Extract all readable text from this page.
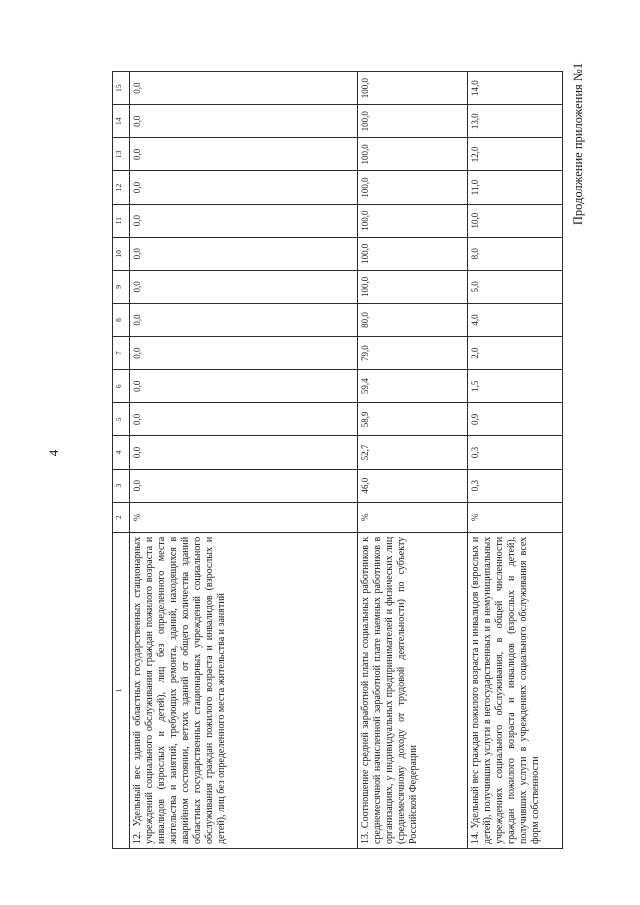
4
Продолжение приложения №1
1	2	3	4	5	6	7	8	9	10	11	12	13	14	15
12. Удельный вес зданий областных государственных стационарных учреждений социального обслуживания граждан пожилого возраста и инвалидов (взрослых и детей), лиц без определенного места жительства и занятий, требующих ремонта, зданий, находящихся в аварийном состоянии, ветхих зданий от общего количества зданий областных государственных стационарных учреждений социального обслуживания граждан пожилого возраста и инвалидов (взрослых и детей), лиц без определенного места жительства и занятий	%	0,0	0,0	0,0	0,0	0,0	0,0	0,0	0,0	0,0	0,0	0,0	0,0	0,0
13. Соотношение средней заработной платы социальных работников к среднемесячной начисленной заработной плате наемных работников в организациях, у индивидуальных предпринимателей и физических лиц (среднемесячному доходу от трудовой деятельности) по субъекту Российской Федерации	%	46,0	52,7	58,9	59,4	79,0	80,0	100,0	100,0	100,0	100,0	100,0	100,0	100,0
14. Удельный вес граждан пожилого возраста и инвалидов (взрослых и детей), получивших услуги в негосударственных и в немуниципальных учреждениях социального обслуживания, в общей численности граждан пожилого возраста и инвалидов (взрослых и детей), получивших услуги в учреждениях социального обслуживания всех форм собственности	%	0,3	0,3	0,9	1,5	2,0	4,0	5,0	8,0	10,0	11,0	12,0	13,0	14,0
